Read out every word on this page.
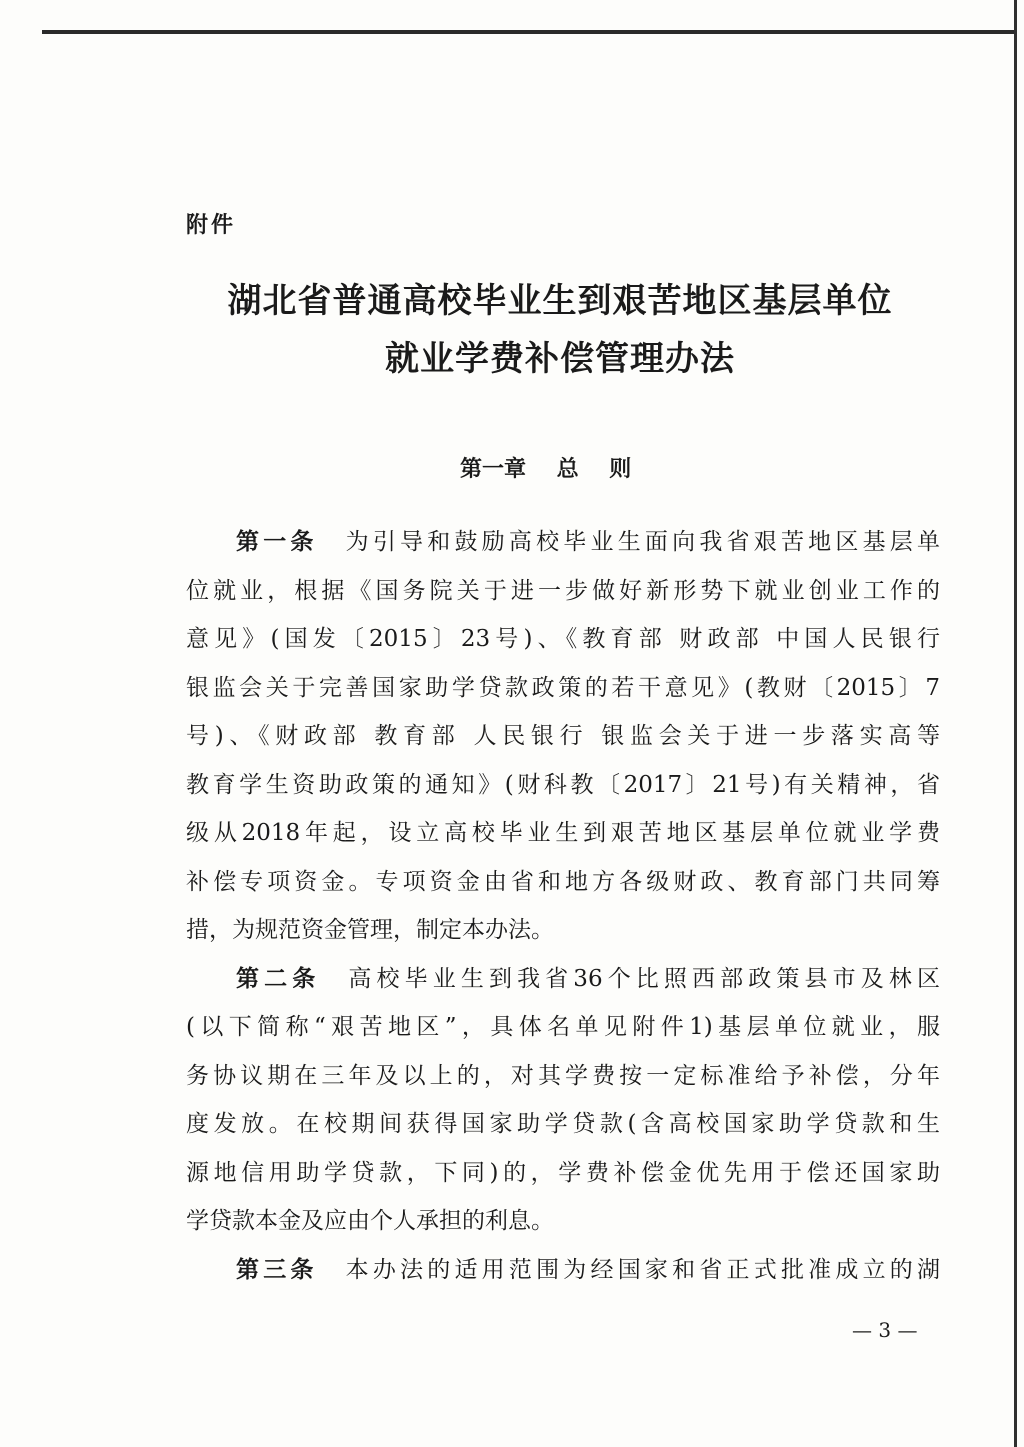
附件
湖北省普通高校毕业生到艰苦地区基层单位
就业学费补偿管理办法
第一章    总    则
第一条 为引导和鼓励高校毕业生面向我省艰苦地区基层单
位就业，根据《国务院关于进一步做好新形势下就业创业工作的
意见》(国发〔2015〕23号)、《教育部 财政部 中国人民银行
银监会关于完善国家助学贷款政策的若干意见》(教财〔2015〕7
号)、《财政部 教育部 人民银行 银监会关于进一步落实高等
教育学生资助政策的通知》(财科教〔2017〕21号)有关精神，省
级从2018年起，设立高校毕业生到艰苦地区基层单位就业学费
补偿专项资金。专项资金由省和地方各级财政、教育部门共同筹
措，为规范资金管理，制定本办法。
第二条 高校毕业生到我省36个比照西部政策县市及林区
(以下简称“艰苦地区”，具体名单见附件1)基层单位就业，服
务协议期在三年及以上的，对其学费按一定标准给予补偿，分年
度发放。在校期间获得国家助学贷款(含高校国家助学贷款和生
源地信用助学贷款，下同)的，学费补偿金优先用于偿还国家助
学贷款本金及应由个人承担的利息。
第三条 本办法的适用范围为经国家和省正式批准成立的湖
— 3 —
